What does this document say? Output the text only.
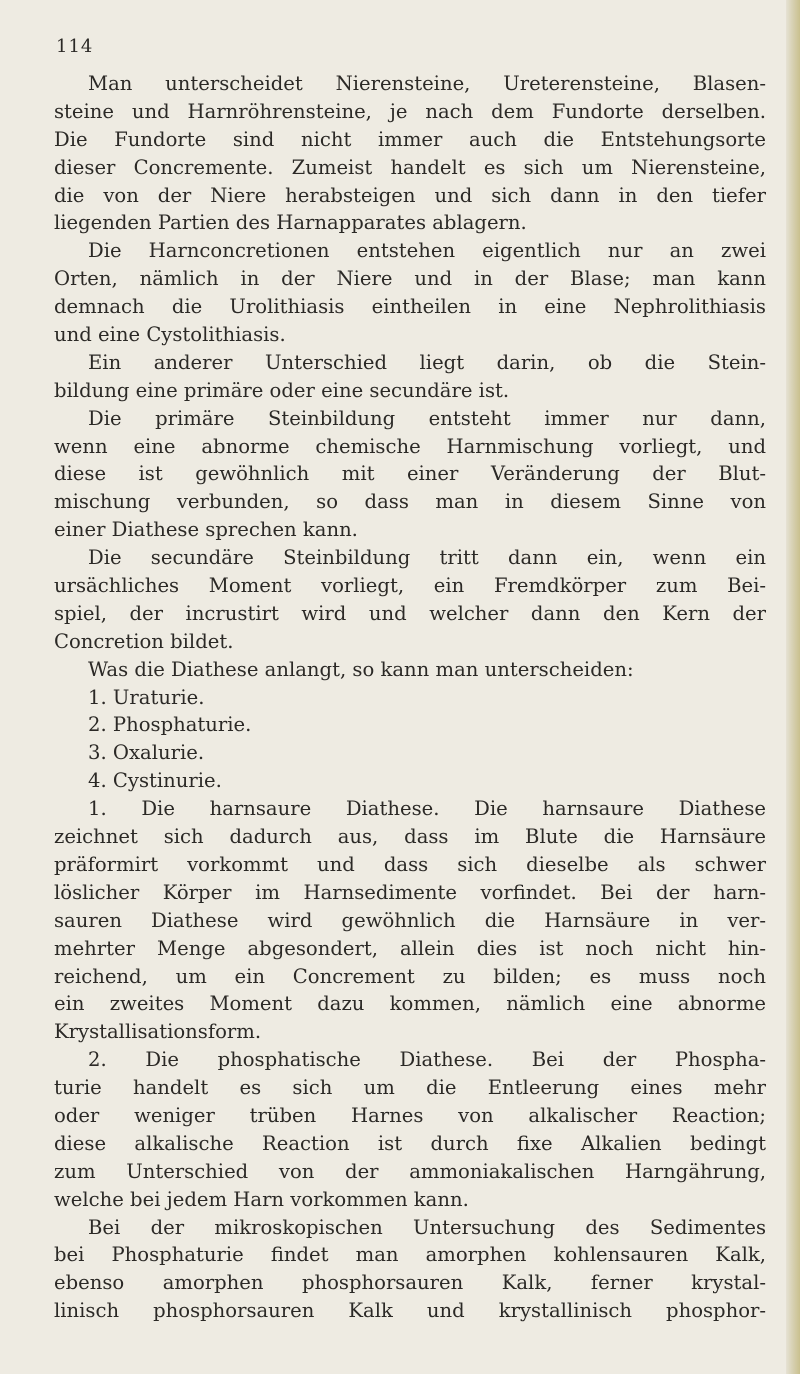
114
Man unterscheidet Nierensteine, Ureterensteine, Blasen-
steine und Harnröhrensteine, je nach dem Fundorte derselben.
Die Fundorte sind nicht immer auch die Entstehungsorte
dieser Concremente. Zumeist handelt es sich um Nierensteine,
die von der Niere herabsteigen und sich dann in den tiefer
liegenden Partien des Harnapparates ablagern.
Die Harnconcretionen entstehen eigentlich nur an zwei
Orten, nämlich in der Niere und in der Blase; man kann
demnach die Urolithiasis eintheilen in eine Nephrolithiasis
und eine Cystolithiasis.
Ein anderer Unterschied liegt darin, ob die Stein-
bildung eine primäre oder eine secundäre ist.
Die primäre Steinbildung entsteht immer nur dann,
wenn eine abnorme chemische Harnmischung vorliegt, und
diese ist gewöhnlich mit einer Veränderung der Blut-
mischung verbunden, so dass man in diesem Sinne von
einer Diathese sprechen kann.
Die secundäre Steinbildung tritt dann ein, wenn ein
ursächliches Moment vorliegt, ein Fremdkörper zum Bei-
spiel, der incrustirt wird und welcher dann den Kern der
Concretion bildet.
Was die Diathese anlangt, so kann man unterscheiden:
1. Uraturie.
2. Phosphaturie.
3. Oxalurie.
4. Cystinurie.
1. Die harnsaure Diathese. Die harnsaure Diathese
zeichnet sich dadurch aus, dass im Blute die Harnsäure
präformirt vorkommt und dass sich dieselbe als schwer
löslicher Körper im Harnsedimente vorfindet. Bei der harn-
sauren Diathese wird gewöhnlich die Harnsäure in ver-
mehrter Menge abgesondert, allein dies ist noch nicht hin-
reichend, um ein Concrement zu bilden; es muss noch
ein zweites Moment dazu kommen, nämlich eine abnorme
Krystallisationsform.
2. Die phosphatische Diathese. Bei der Phospha-
turie handelt es sich um die Entleerung eines mehr
oder weniger trüben Harnes von alkalischer Reaction;
diese alkalische Reaction ist durch fixe Alkalien bedingt
zum Unterschied von der ammoniakalischen Harngährung,
welche bei jedem Harn vorkommen kann.
Bei der mikroskopischen Untersuchung des Sedimentes
bei Phosphaturie findet man amorphen kohlensauren Kalk,
ebenso amorphen phosphorsauren Kalk, ferner krystal-
linisch phosphorsauren Kalk und krystallinisch phosphor-
